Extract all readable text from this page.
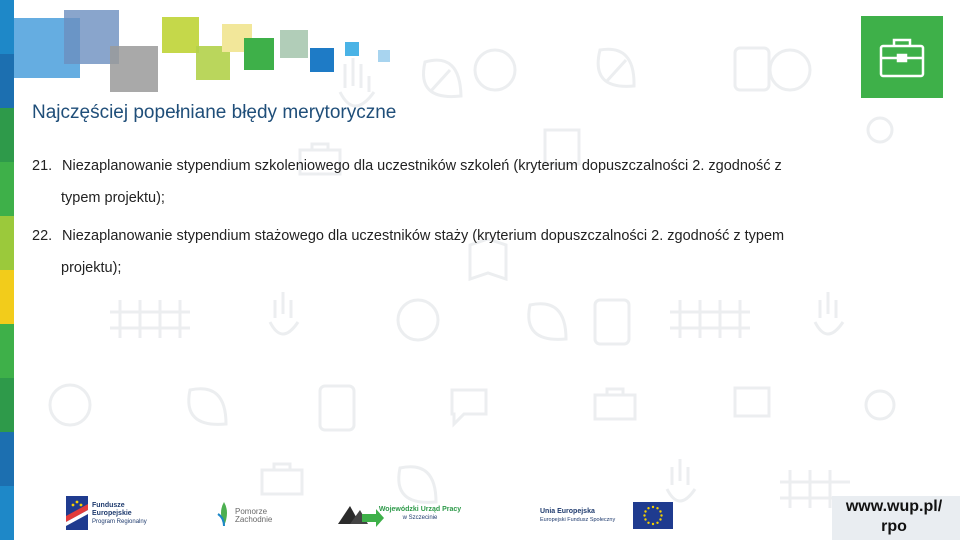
Najczęściej popełniane błędy merytoryczne
21. Niezaplanowanie stypendium szkoleniowego dla uczestników szkoleń (kryterium dopuszczalności 2. zgodność z
typem projektu);
22. Niezaplanowanie stypendium stażowego dla uczestników staży (kryterium dopuszczalności 2. zgodność z typem
projektu);
Fundusze
Europejskie
Program Regionalny
Pomorze
Zachodnie
Wojewódzki Urząd Pracy
w Szczecinie
Unia Europejska
Europejski Fundusz Społeczny
www.wup.pl/
rpo
